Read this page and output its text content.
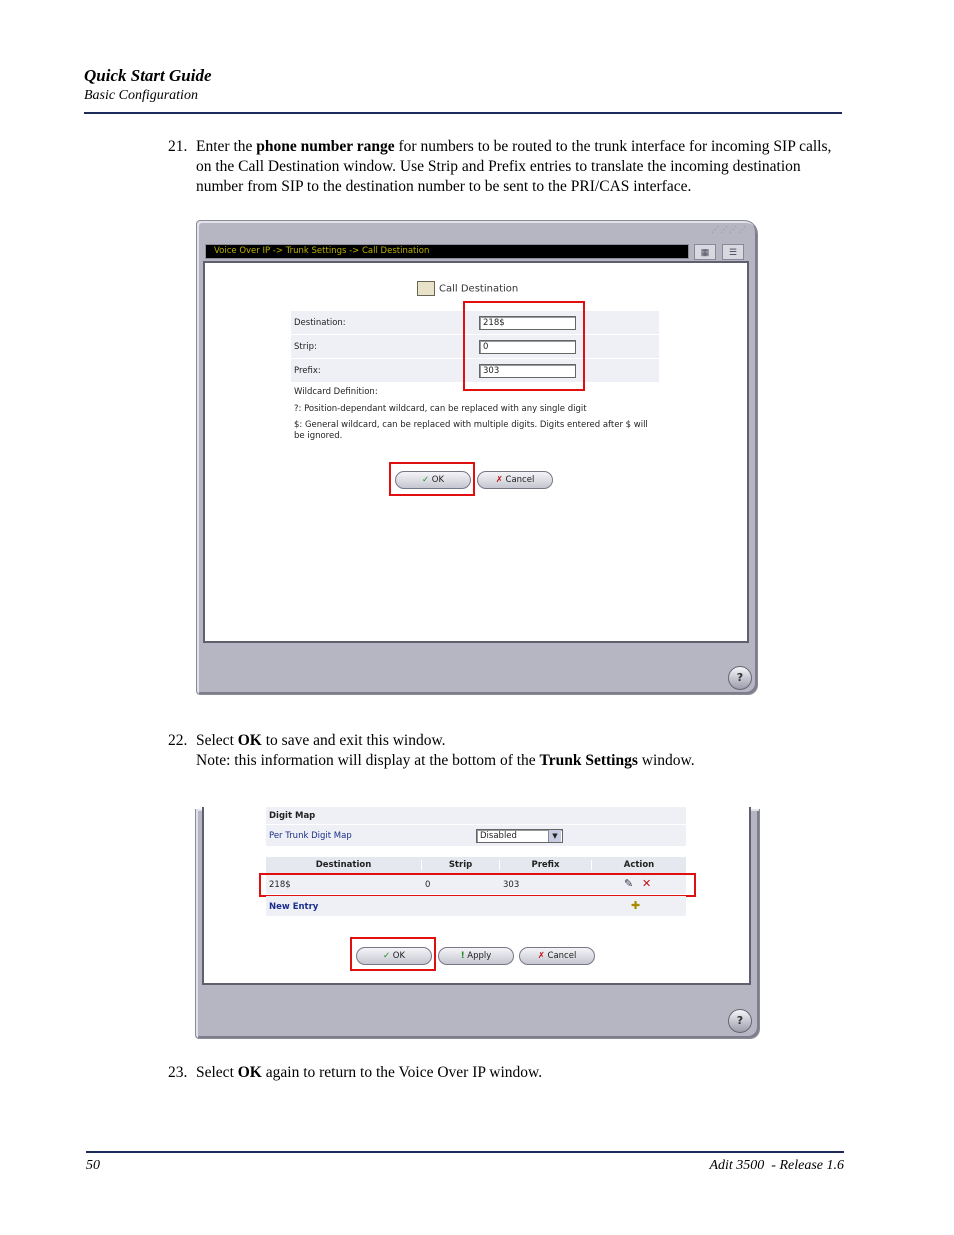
Quick Start Guide
Basic Configuration
21. Enter the phone number range for numbers to be routed to the trunk interface for incoming SIP calls, on the Call Destination window. Use Strip and Prefix entries to translate the incoming destination number from SIP to the destination number to be sent to the PRI/CAS interface.
⋰⋰⋰⋰
Voice Over IP -> Trunk Settings -> Call Destination	▦	☰
Call Destination
Destination:	218$
Strip:	0
Prefix:	303
Wildcard Definition:
?: Position-dependant wildcard, can be replaced with any single digit
$: General wildcard, can be replaced with multiple digits. Digits entered after $ will be ignored.
✓ OK	✗ Cancel
?
22. Select OK to save and exit this window.
Note: this information will display at the bottom of the Trunk Settings window.
Digit Map
Per Trunk Digit Map	Disabled	▼
Destination	Strip	Prefix	Action
218$	0	303	✎ ✕
New Entry	✚
✓ OK	! Apply	✗ Cancel
?
23. Select OK again to return to the Voice Over IP window.
50	Adit 3500  - Release 1.6
